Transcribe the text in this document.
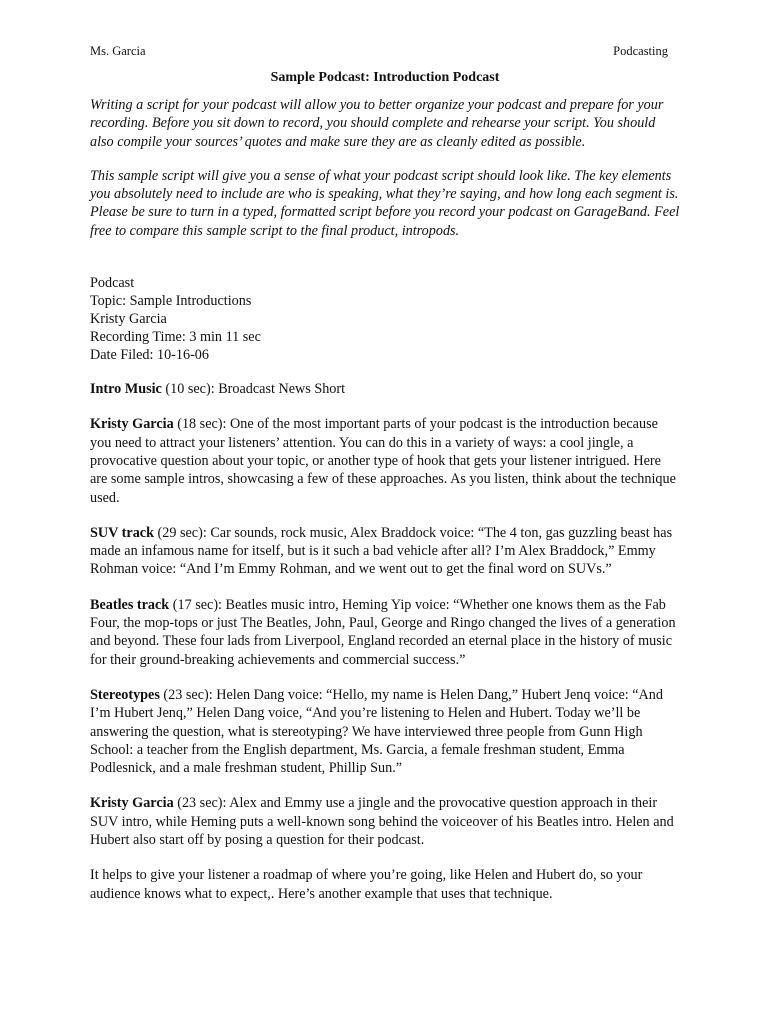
Ms. Garcia	Podcasting
Sample Podcast: Introduction Podcast

Writing a script for your podcast will allow you to better organize your podcast and prepare for your recording. Before you sit down to record, you should complete and rehearse your script. You should also compile your sources’ quotes and make sure they are as cleanly edited as possible.

This sample script will give you a sense of what your podcast script should look like. The key elements you absolutely need to include are who is speaking, what they’re saying, and how long each segment is. Please be sure to turn in a typed, formatted script before you record your podcast on GarageBand. Feel free to compare this sample script to the final product, intropods.

Podcast
Topic: Sample Introductions
Kristy Garcia
Recording Time: 3 min 11 sec
Date Filed: 10-16-06
Intro Music (10 sec): Broadcast News Short
Kristy Garcia (18 sec): One of the most important parts of your podcast is the introduction because you need to attract your listeners’ attention. You can do this in a variety of ways: a cool jingle, a provocative question about your topic, or another type of hook that gets your listener intrigued. Here are some sample intros, showcasing a few of these approaches. As you listen, think about the technique used.
SUV track (29 sec): Car sounds, rock music, Alex Braddock voice: “The 4 ton, gas guzzling beast has made an infamous name for itself, but is it such a bad vehicle after all? I’m Alex Braddock,” Emmy Rohman voice: “And I’m Emmy Rohman, and we went out to get the final word on SUVs.”
Beatles track (17 sec): Beatles music intro, Heming Yip voice: “Whether one knows them as the Fab Four, the mop-tops or just The Beatles, John, Paul, George and Ringo changed the lives of a generation and beyond. These four lads from Liverpool, England recorded an eternal place in the history of music for their ground-breaking achievements and commercial success.”
Stereotypes (23 sec): Helen Dang voice: “Hello, my name is Helen Dang,” Hubert Jenq voice: “And I’m Hubert Jenq,” Helen Dang voice, “And you’re listening to Helen and Hubert. Today we’ll be answering the question, what is stereotyping? We have interviewed three people from Gunn High School: a teacher from the English department, Ms. Garcia, a female freshman student, Emma Podlesnick, and a male freshman student, Phillip Sun.”
Kristy Garcia (23 sec): Alex and Emmy use a jingle and the provocative question approach in their SUV intro, while Heming puts a well-known song behind the voiceover of his Beatles intro. Helen and Hubert also start off by posing a question for their podcast.
It helps to give your listener a roadmap of where you’re going, like Helen and Hubert do, so your audience knows what to expect,. Here’s another example that uses that technique.
